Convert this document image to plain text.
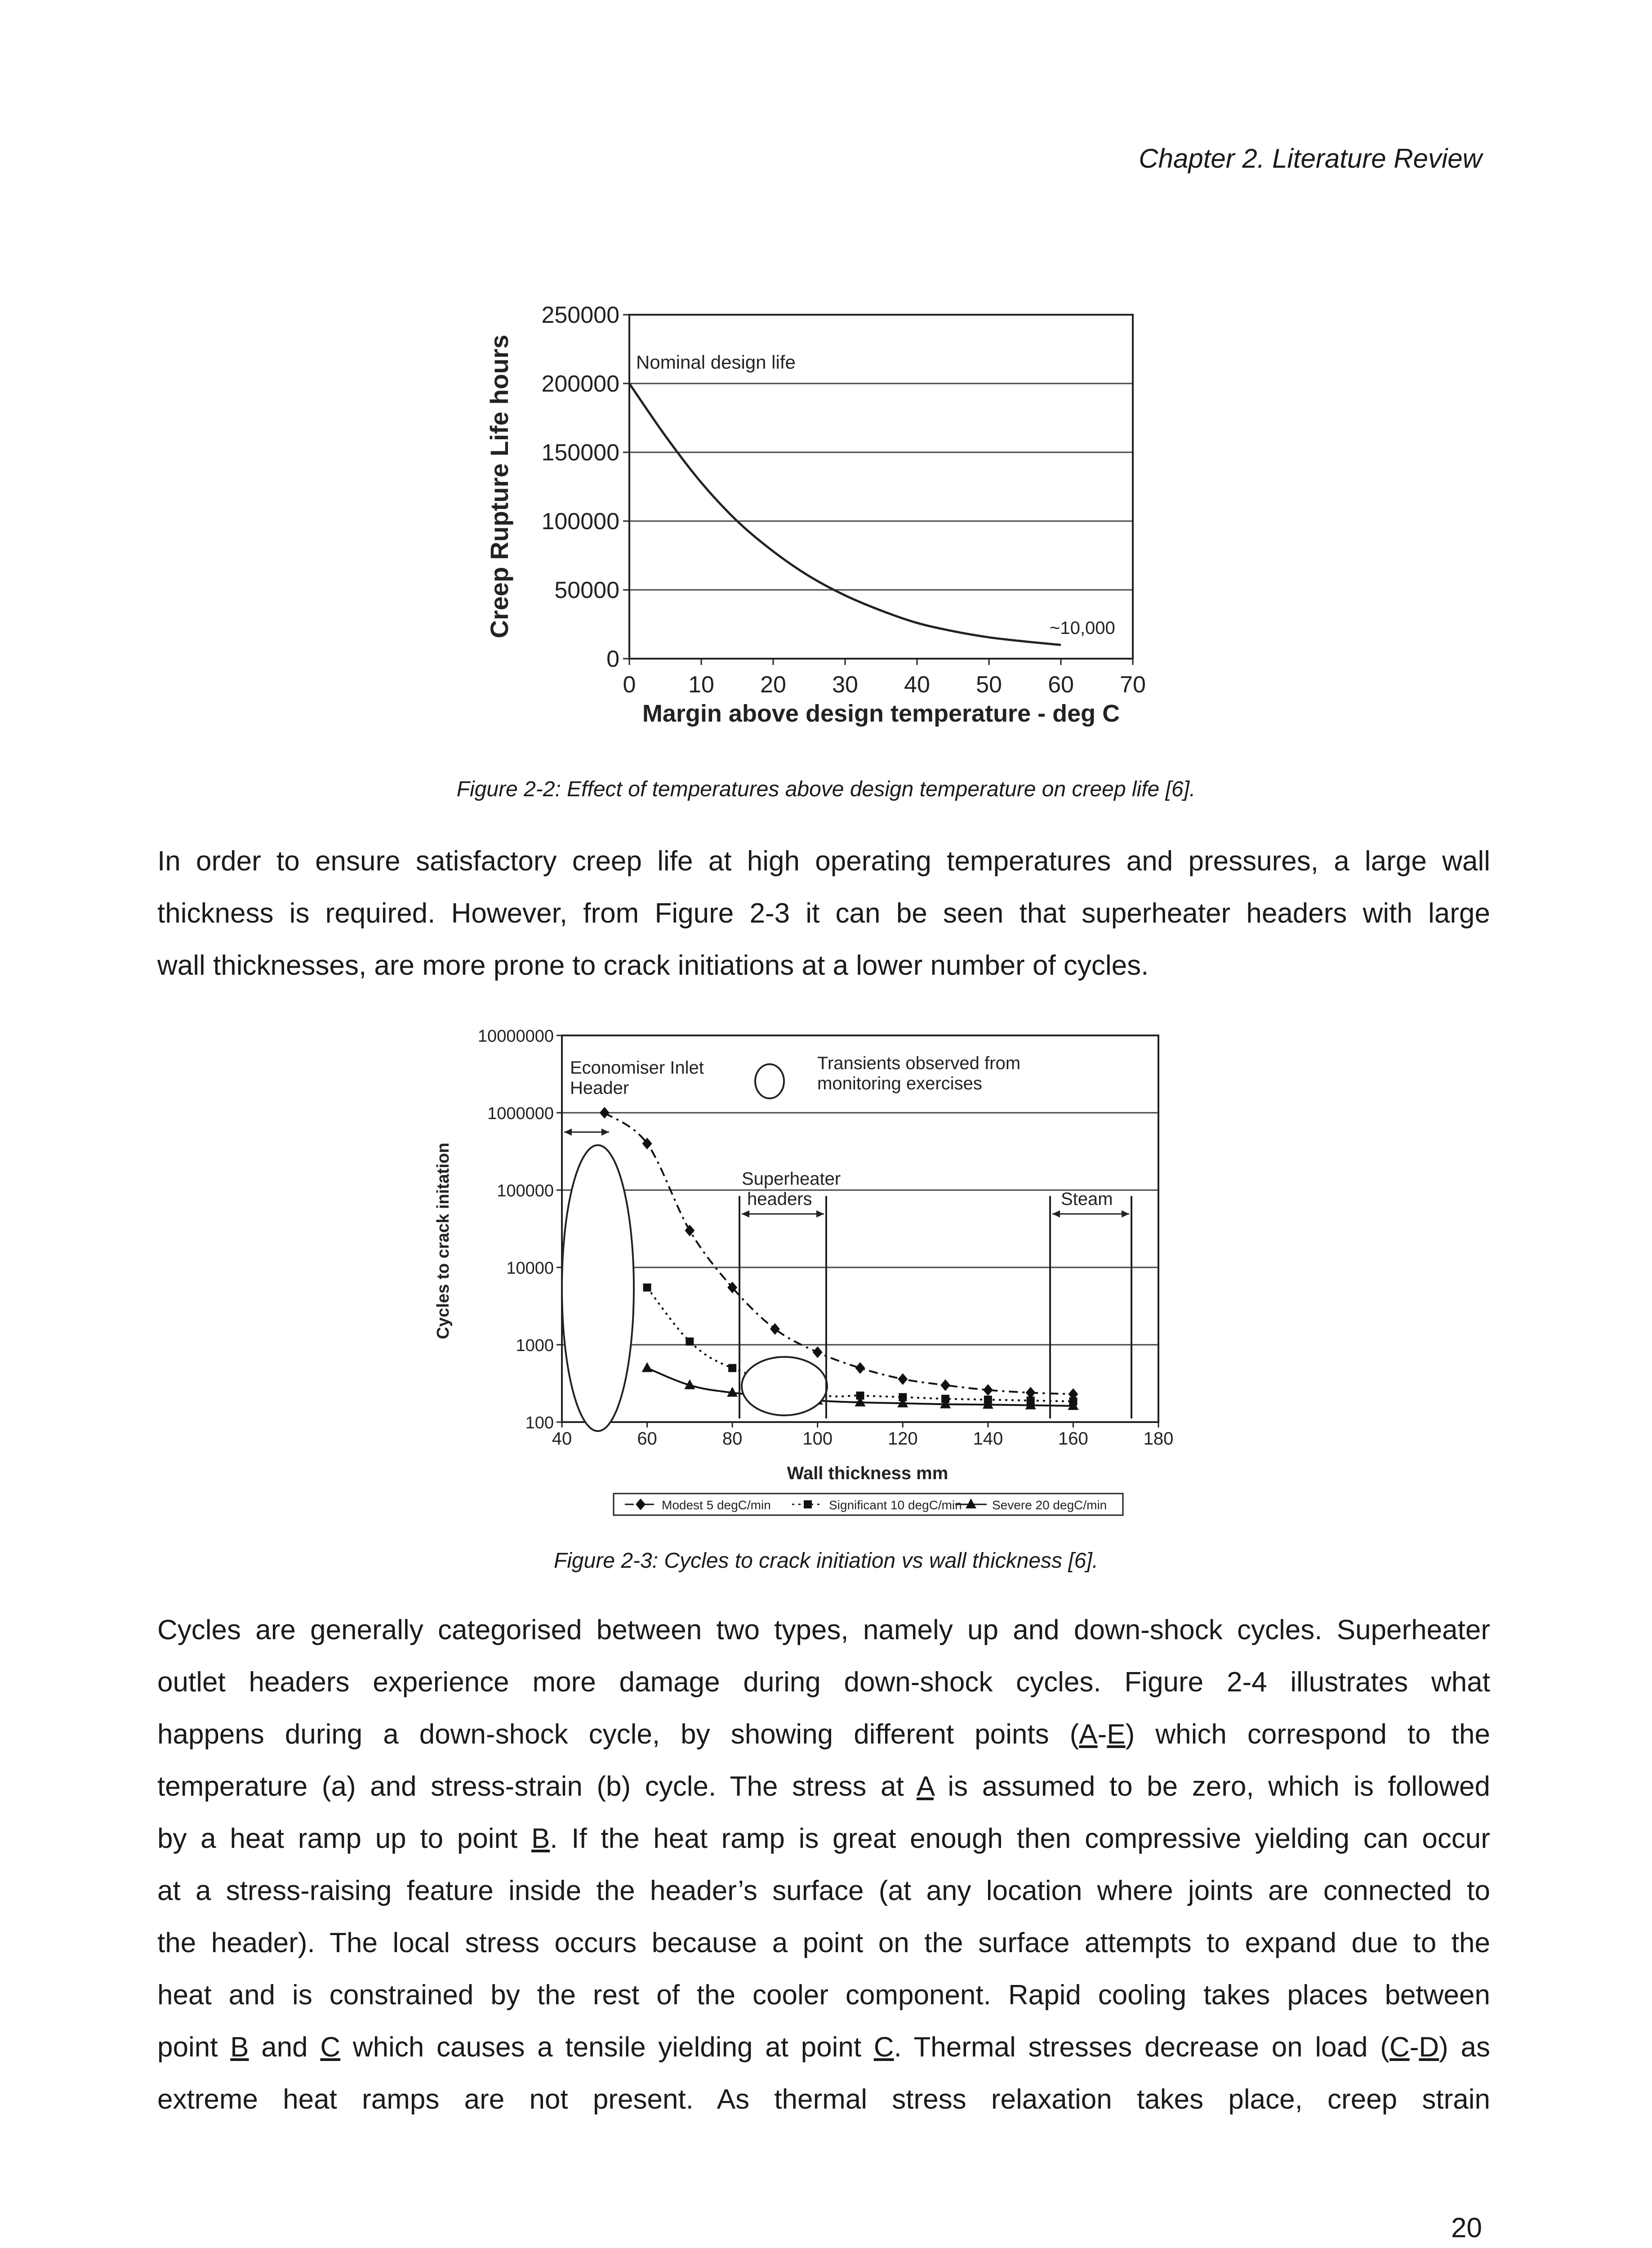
Chapter 2. Literature Review
0
50000
100000
150000
200000
250000
0 10 20 30 40 50 60 70
Nominal design life
~10,000
Margin above design temperature - deg C
Creep Rupture Life hours
Figure 2-2: Effect of temperatures above design temperature on creep life [6].

In order to ensure satisfactory creep life at high operating temperatures and pressures, a large wall

thickness is required. However, from Figure 2-3 it can be seen that superheater headers with large

wall thicknesses, are more prone to crack initiations at a lower number of cycles.

100
1000
10000
100000
1000000
10000000
40	60	80	100	120	140	160	180
Economiser Inlet
Header
Transients observed from
monitoring exercises
Superheater
headers	Steam
Wall thickness mm
Cycles to crack initation
Modest 5 degC/min	Significant 10 degC/min Severe 20 degC/min
Figure 2-3: Cycles to crack initiation vs wall thickness [6].

Cycles are generally categorised between two types, namely up and down-shock cycles. Superheater

outlet headers experience more damage during down-shock cycles. Figure 2-4 illustrates what

happens during a down-shock cycle, by showing different points (A-E) which correspond to the

temperature (a) and stress-strain (b) cycle. The stress at A is assumed to be zero, which is followed

by a heat ramp up to point B. If the heat ramp is great enough then compressive yielding can occur

at a stress-raising feature inside the header’s surface (at any location where joints are connected to

the header). The local stress occurs because a point on the surface attempts to expand due to the

heat and is constrained by the rest of the cooler component. Rapid cooling takes places between

point B and C which causes a tensile yielding at point C. Thermal stresses decrease on load (C-D) as

extreme heat ramps are not present. As thermal stress relaxation takes place, creep strain

20
